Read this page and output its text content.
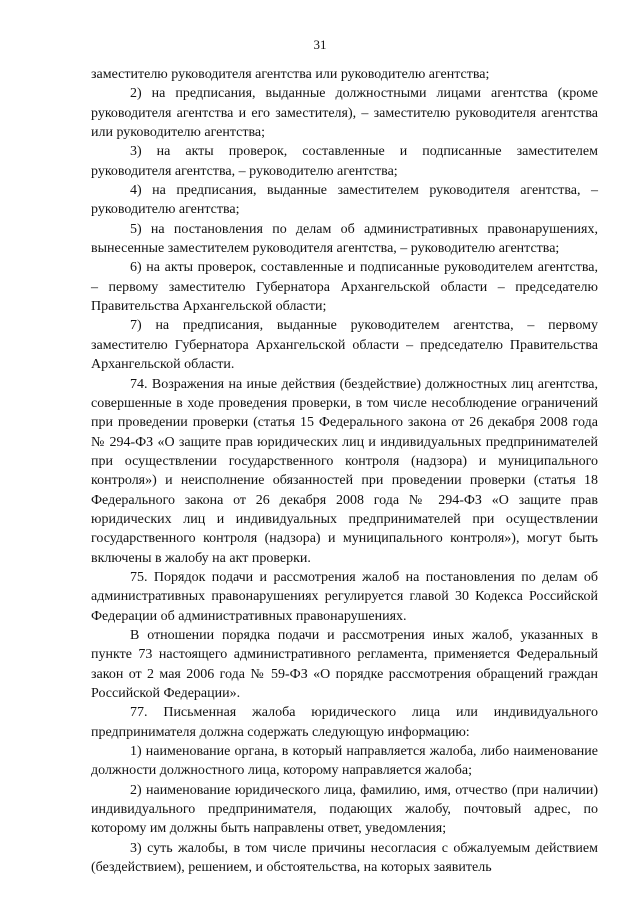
31

заместителю руководителя агентства или руководителю агентства;

2) на предписания, выданные должностными лицами агентства (кроме руководителя агентства и его заместителя), – заместителю руководителя агентства или руководителю агентства;

3) на акты проверок, составленные и подписанные заместителем руководителя агентства, – руководителю агентства;

4) на предписания, выданные заместителем руководителя агентства, – руководителю агентства;

5) на постановления по делам об административных правонарушениях, вынесенные заместителем руководителя агентства, – руководителю агентства;

6) на акты проверок, составленные и подписанные руководителем агентства, – первому заместителю Губернатора Архангельской области – председателю Правительства Архангельской области;

7) на предписания, выданные руководителем агентства, – первому заместителю Губернатора Архангельской области – председателю Правительства Архангельской области.

74. Возражения на иные действия (бездействие) должностных лиц агентства, совершенные в ходе проведения проверки, в том числе несоблюдение ограничений при проведении проверки (статья 15 Федерального закона от 26 декабря 2008 года № 294-ФЗ «О защите прав юридических лиц и индивидуальных предпринимателей при осуществлении государственного контроля (надзора) и муниципального контроля») и неисполнение обязанностей при проведении проверки (статья 18 Федерального закона от 26 декабря 2008 года № 294-ФЗ «О защите прав юридических лиц и индивидуальных предпринимателей при осуществлении государственного контроля (надзора) и муниципального контроля»), могут быть включены в жалобу на акт проверки.

75. Порядок подачи и рассмотрения жалоб на постановления по делам об административных правонарушениях регулируется главой 30 Кодекса Российской Федерации об административных правонарушениях.

В отношении порядка подачи и рассмотрения иных жалоб, указанных в пункте 73 настоящего административного регламента, применяется Федеральный закон от 2 мая 2006 года № 59-ФЗ «О порядке рассмотрения обращений граждан Российской Федерации».

77. Письменная жалоба юридического лица или индивидуального предпринимателя должна содержать следующую информацию:

1) наименование органа, в который направляется жалоба, либо наименование должности должностного лица, которому направляется жалоба;

2) наименование юридического лица, фамилию, имя, отчество (при наличии) индивидуального предпринимателя, подающих жалобу, почтовый адрес, по которому им должны быть направлены ответ, уведомления;

3) суть жалобы, в том числе причины несогласия с обжалуемым действием (бездействием), решением, и обстоятельства, на которых заявитель
